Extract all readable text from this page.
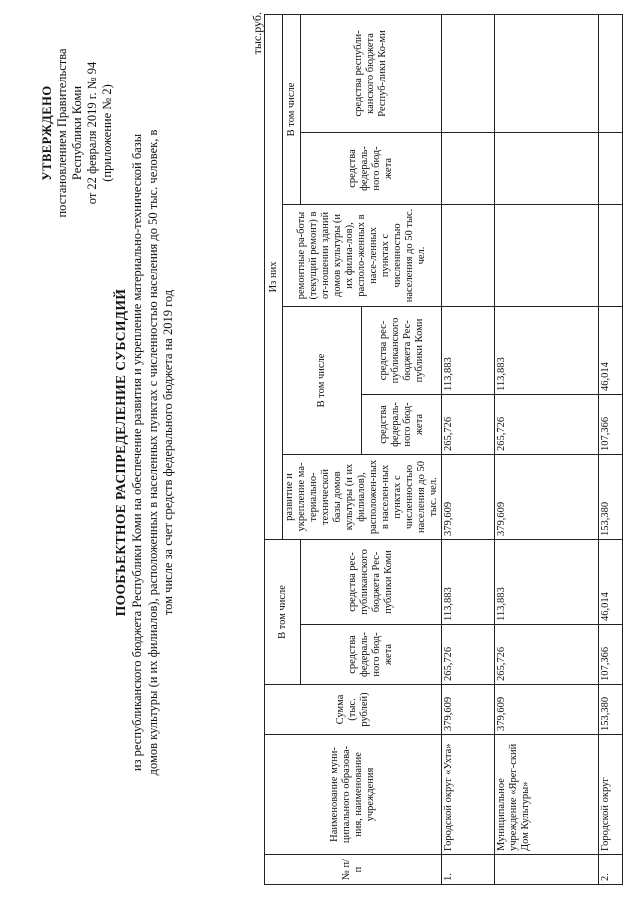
УТВЕРЖДЕНО постановлением Правительства Республики Коми от 22 февраля 2019 г. № 94 (приложение № 2)
ПООБЪЕКТНОЕ РАСПРЕДЕЛЕНИЕ СУБСИДИЙ из республиканского бюджета Республики Коми на обеспечение развития и укрепление материально-технической базы домов культуры (и их филиалов), расположенных в населенных пунктах с численностью населения до 50 тыс. человек, в том числе за счет средств федерального бюджета на 2019 год
тыс.руб.
№ п/п	Наименование муни-ципального образова-ния, наименование учреждения	Сумма (тыс. рублей)	В том числе		Из них					
					развитие и укрепление ма-териально-технической базы домов культуры (и их филиалов), расположен-ных в населен-ных пунктах с численностью населения до 50 тыс. чел.	В том числе		ремонтные ра-боты (текущий ремонт) в от-ношении зданий домов культуры (и их филиа-лов), располо-женных в насе-ленных пунктах с численностью населения до 50 тыс. чел.	В том числе	
			средства федераль-ного бюд-жета	средства рес-публиканского бюджета Рес-публики Коми					средства федераль-ного бюд-жета	средства республи-канского бюджета Респуб-лики Ко-ми
						средства федераль-ного бюд-жета	средства рес-публиканского бюджета Рес-публики Коми			
1.	Городской округ «Ухта»	379,609	265,726	113,883	379,609	265,726	113,883			
	Муниципальное учреждение «Ярег-ский Дом Культуры»	379,609	265,726	113,883	379,609	265,726	113,883			
2.	Городской округ	153,380	107,366	46,014	153,380	107,366	46,014			
